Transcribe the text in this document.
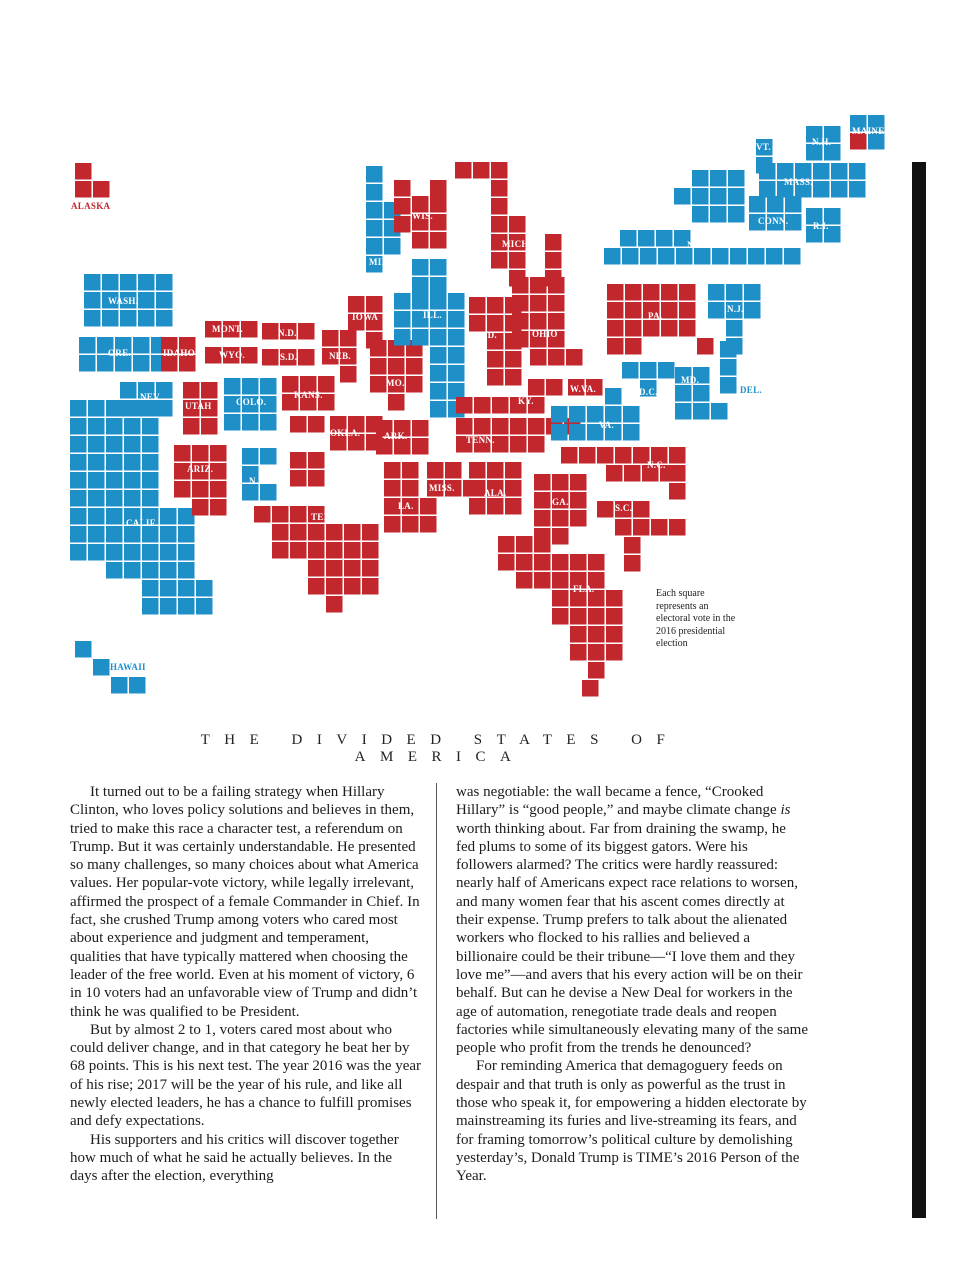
ALASKA
HAWAII
WASH.
ORE.
CALIF.
NEV.
IDAHO
MONT.
WYO.
UTAH	COLO.
ARIZ.
N.M.
N.D.
S.D.	NEB.
KANS.
OKLA.
TEXAS
MINN.
IOWA
MO.
ARK.
LA.
WIS.
ILL.
MICH.
IND.	OHIO
KY.
TENN.
MISS.	ALA.
GA.
FLA.
S.C.
N.C.
VA.
W.VA.	D.C.
MD.
DEL.
PA.
N.J.
N.Y.
CONN.	R.I.
MASS.
VT.	N.H.
MAINE
Each square represents an electoral vote in the 2016 presidential election
THE DIVIDED STATES OF AMERICA

It turned out to be a failing strategy when Hillary Clinton, who loves policy solutions and believes in them, tried to make this race a character test, a referendum on Trump. But it was certainly understandable. He presented so many challenges, so many choices about what America values. Her popular-vote victory, while legally irrelevant, affirmed the prospect of a female Commander in Chief. In fact, she crushed Trump among voters who cared most about experience and judgment and temperament, qualities that have typically mattered when choosing the leader of the free world. Even at his moment of victory, 6 in 10 voters had an unfavorable view of Trump and didn’t think he was qualified to be President.

But by almost 2 to 1, voters cared most about who could deliver change, and in that category he beat her by 68 points. This is his next test. The year 2016 was the year of his rise; 2017 will be the year of his rule, and like all newly elected leaders, he has a chance to fulfill promises and defy expectations.

His supporters and his critics will discover together how much of what he said he actually believes. In the days after the election, everything

was negotiable: the wall became a fence, “Crooked Hillary” is “good people,” and maybe climate change is worth thinking about. Far from draining the swamp, he fed plums to some of its biggest gators. Were his followers alarmed? The critics were hardly reassured: nearly half of Americans expect race relations to worsen, and many women fear that his ascent comes directly at their expense. Trump prefers to talk about the alienated workers who flocked to his rallies and believed a billionaire could be their tribune—“I love them and they love me”—and avers that his every action will be on their behalf. But can he devise a New Deal for workers in the age of automation, renegotiate trade deals and reopen factories while simultaneously elevating many of the same people who profit from the trends he denounced?

For reminding America that demagoguery feeds on despair and that truth is only as powerful as the trust in those who speak it, for empowering a hidden electorate by mainstreaming its furies and live-streaming its fears, and for framing tomorrow’s political culture by demolishing yesterday’s, Donald Trump is TIME’s 2016 Person of the Year.
